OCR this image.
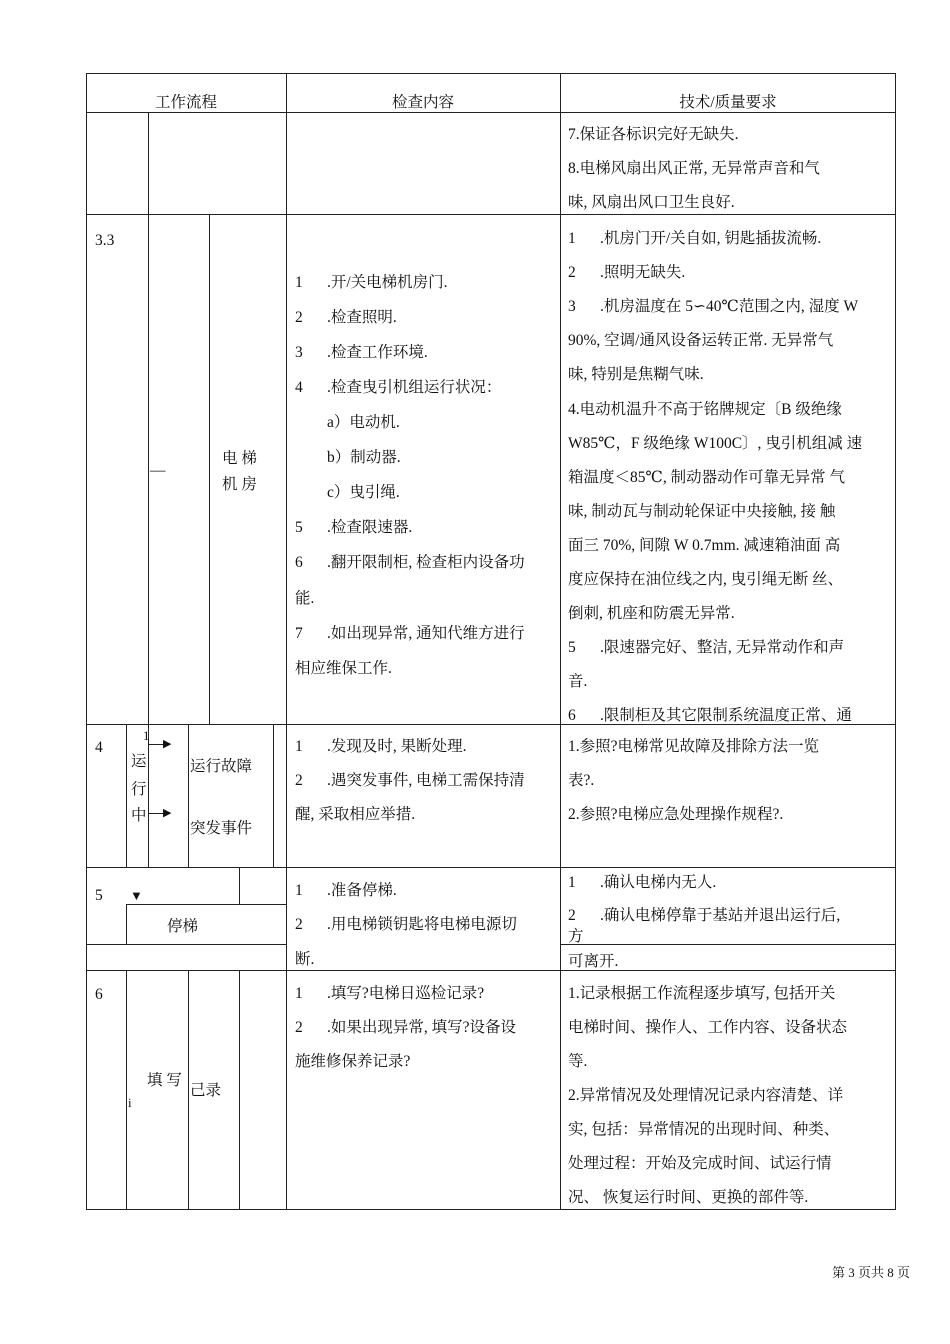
工作流程	检查内容	技术/质量要求
7.保证各标识完好无缺失.
8.电梯风扇出风正常, 无异常声音和气
味, 风扇出风口卫生良好.
3.3
—
电 梯
机 房
1 .开/关电梯机房门.
2 .检查照明.
3 .检查工作环境.
4 .检查曳引机组运行状况：
a）电动机.
b）制动器.
c）曳引绳.
5 .检查限速器.
6 .翻开限制柜, 检查柜内设备功
能.
7 .如出现异常, 通知代维方进行
相应维保工作.
1 .机房门开/关自如, 钥匙插拔流畅.
2 .照明无缺失.
3 .机房温度在 5∽40℃范围之内, 湿度 W
90%, 空调/通风设备运转正常. 无异常气
味, 特别是焦糊气味.
4.电动机温升不高于铭牌规定〔B 级绝缘
W85℃，F 级绝缘 W100C〕, 曳引机组减 速
箱温度＜85℃, 制动器动作可靠无异常 气
味, 制动瓦与制动轮保证中央接触, 接 触
面三 70%, 间隙 W 0.7mm. 减速箱油面 高
度应保持在油位线之内, 曳引绳无断 丝、
倒刺, 机座和防震无异常.
5 .限速器完好、整洁, 无异常动作和声
音.
6 .限制柜及其它限制系统温度正常、通
4
1
运
行
中
▶
▶
运行故障
突发事件
1 .发现及时, 果断处理.
2 .遇突发事件, 电梯工需保持清
醒, 采取相应举措.
1.参照?电梯常见故障及排除方法一览
表?.
2.参照?电梯应急处理操作规程?.
5 ▼
停梯
1 .准备停梯.
2 .用电梯锁钥匙将电梯电源切
断.
1 .确认电梯内无人.
2 .确认电梯停靠于基站并退出运行后,
方
可离开.
6
填 写
i
己录
1 .填写?电梯日巡检记录?
2 .如果出现异常, 填写?设备设
施维修保养记录?
1.记录根据工作流程逐步填写, 包括开关
电梯时间、操作人、工作内容、设备状态
等.
2.异常情况及处理情况记录内容清楚、详
实, 包括：异常情况的出现时间、种类、
处理过程：开始及完成时间、试运行情
况、 恢复运行时间、更换的部件等.
第 3 页共 8 页
